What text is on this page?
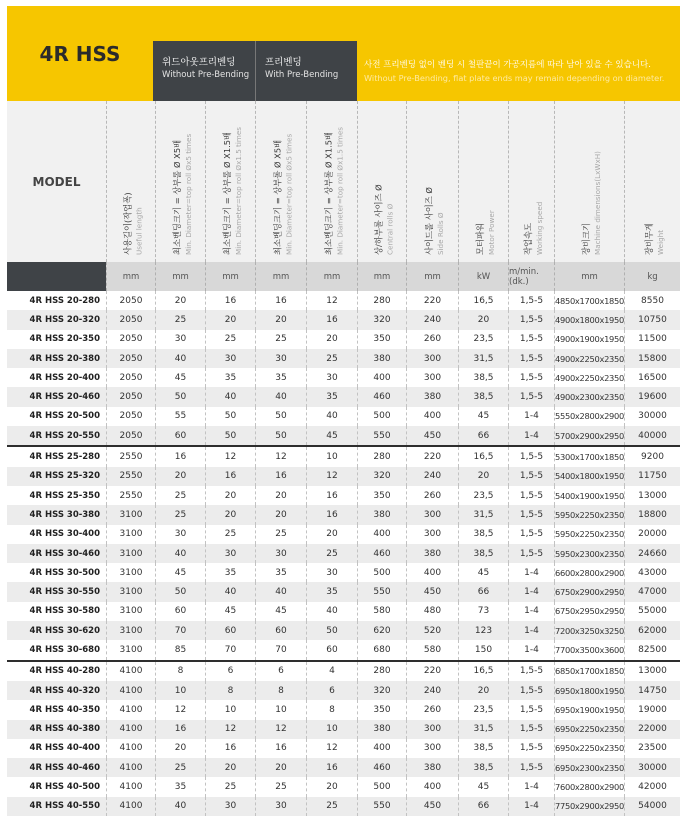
4R HSS	위드아웃프리벤딩
Without Pre-Bending
프리벤딩
With Pre-Bending
사전 프리벤딩 없이 벤딩 시 철판끝이 가공지름에 따라 남아 있을 수 있습니다.
Without Pre-Bending, flat plate ends may remain depending on diameter.
MODEL
사용길이(작업폭) Useful length	최소벤딩크기 = 상부롤 Ø X5배 Min. Diameter=top roll Øx5 times	최소벤딩크기 = 상부롤 Ø X1.5배 Min. Diameter=top roll Øx1.5 times	최소벤딩크기 = 상부롤 Ø X5배 Min. Diameter=top roll Øx5 times	최소벤딩크기 = 상부롤 Ø X1.5배 Min. Diameter=top roll Øx1.5 times	상/하부롤 사이즈 Ø Central rolls Ø	사이드롤 사이즈 Ø Side Rolls Ø	모터파워 Motor Power	작업속도 Working speed	장비크기 Machine dimensions(LxWxH)	장비무게 Weight
mm	mm	mm	mm	mm	mm	mm	kW	m/min.(dk.)	mm	kg
4R HSS 20-280	2050	20	16	16	12	280	220	16,5	1,5-5	4850x1700x1850	8550
4R HSS 20-320	2050	25	20	20	16	320	240	20	1,5-5	4900x1800x1950	10750
4R HSS 20-350	2050	30	25	25	20	350	260	23,5	1,5-5	4900x1900x1950	11500
4R HSS 20-380	2050	40	30	30	25	380	300	31,5	1,5-5	4900x2250x2350	15800
4R HSS 20-400	2050	45	35	35	30	400	300	38,5	1,5-5	4900x2250x2350	16500
4R HSS 20-460	2050	50	40	40	35	460	380	38,5	1,5-5	4900x2300x2350	19600
4R HSS 20-500	2050	55	50	50	40	500	400	45	1-4	5550x2800x2900	30000
4R HSS 20-550	2050	60	50	50	45	550	450	66	1-4	5700x2900x2950	40000
4R HSS 25-280	2550	16	12	12	10	280	220	16,5	1,5-5	5300x1700x1850	9200
4R HSS 25-320	2550	20	16	16	12	320	240	20	1,5-5	5400x1800x1950	11750
4R HSS 25-350	2550	25	20	20	16	350	260	23,5	1,5-5	5400x1900x1950	13000
4R HSS 30-380	3100	25	20	20	16	380	300	31,5	1,5-5	5950x2250x2350	18800
4R HSS 30-400	3100	30	25	25	20	400	300	38,5	1,5-5	5950x2250x2350	20000
4R HSS 30-460	3100	40	30	30	25	460	380	38,5	1,5-5	5950x2300x2350	24660
4R HSS 30-500	3100	45	35	35	30	500	400	45	1-4	6600x2800x2900	43000
4R HSS 30-550	3100	50	40	40	35	550	450	66	1-4	6750x2900x2950	47000
4R HSS 30-580	3100	60	45	45	40	580	480	73	1-4	6750x2950x2950	55000
4R HSS 30-620	3100	70	60	60	50	620	520	123	1-4	7200x3250x3250	62000
4R HSS 30-680	3100	85	70	70	60	680	580	150	1-4	7700x3500x3600	82500
4R HSS 40-280	4100	8	6	6	4	280	220	16,5	1,5-5	6850x1700x1850	13000
4R HSS 40-320	4100	10	8	8	6	320	240	20	1,5-5	6950x1800x1950	14750
4R HSS 40-350	4100	12	10	10	8	350	260	23,5	1,5-5	6950x1900x1950	19000
4R HSS 40-380	4100	16	12	12	10	380	300	31,5	1,5-5	6950x2250x2350	22000
4R HSS 40-400	4100	20	16	16	12	400	300	38,5	1,5-5	6950x2250x2350	23500
4R HSS 40-460	4100	25	20	20	16	460	380	38,5	1,5-5	6950x2300x2350	30000
4R HSS 40-500	4100	35	25	25	20	500	400	45	1-4	7600x2800x2900	42000
4R HSS 40-550	4100	40	30	30	25	550	450	66	1-4	7750x2900x2950	54000
